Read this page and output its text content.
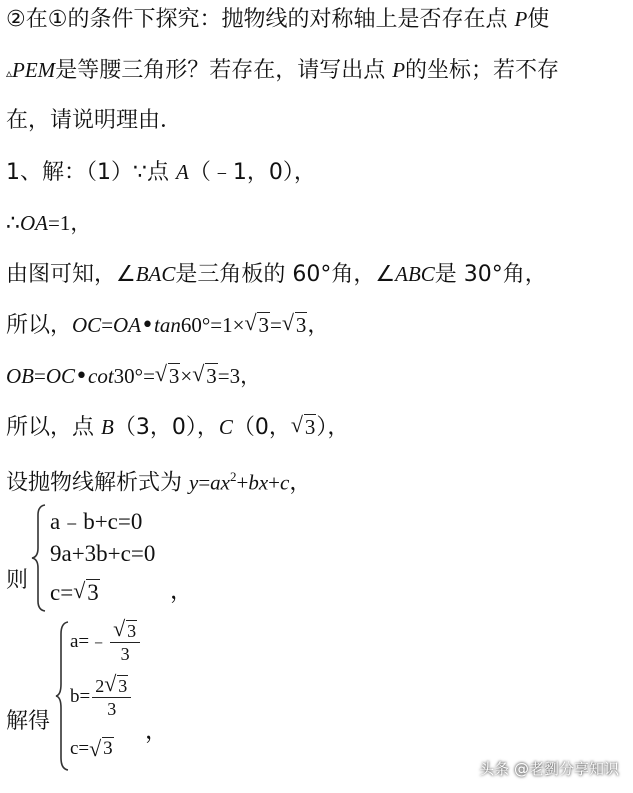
②在①的条件下探究：抛物线的对称轴上是否存在点 P使
▵PEM是等腰三角形？若存在，请写出点 P的坐标；若不存
在，请说明理由．
1、解：（1）∵点 A（﹣1，0），
∴OA=1，
由图可知，∠BAC是三角板的 60°角，∠ABC是 30°角，
所以，OC=OA•tan60°=1× √ 3= √ 3，
OB=OC•cot30°= √ 3× √ 3=3，
所以，点 B（3，0），C（0， √ 3），
设抛物线解析式为 $y=ax^2+bx+c$，
则
a﹣b+c=0
9a+3b+c=0
c= √ 3	，
解得
a=﹣ √ $\frac{3}{3}$
$b= \frac{2 √ 3}{3}$
c= √ 3
，
头条 @老劉分享知识
